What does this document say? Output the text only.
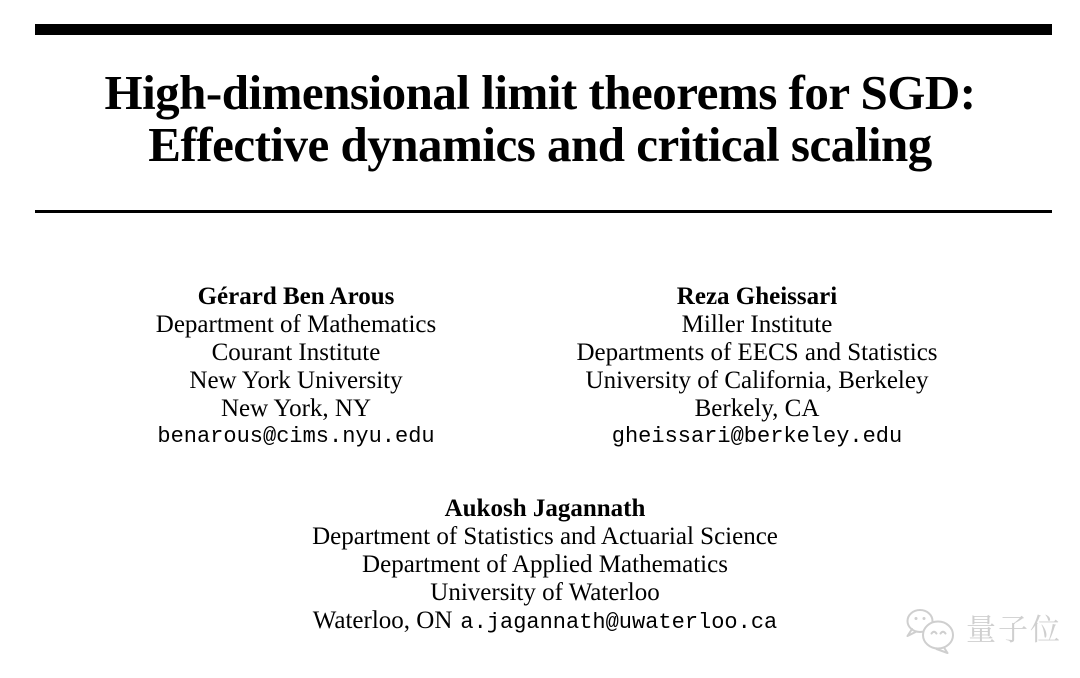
High-dimensional limit theorems for SGD:
Effective dynamics and critical scaling
Gérard Ben Arous
Department of Mathematics
Courant Institute
New York University
New York, NY
benarous@cims.nyu.edu
Reza Gheissari
Miller Institute
Departments of EECS and Statistics
University of California, Berkeley
Berkely, CA
gheissari@berkeley.edu
Aukosh Jagannath
Department of Statistics and Actuarial Science
Department of Applied Mathematics
University of Waterloo
Waterloo, ON a.jagannath@uwaterloo.ca	量子位
